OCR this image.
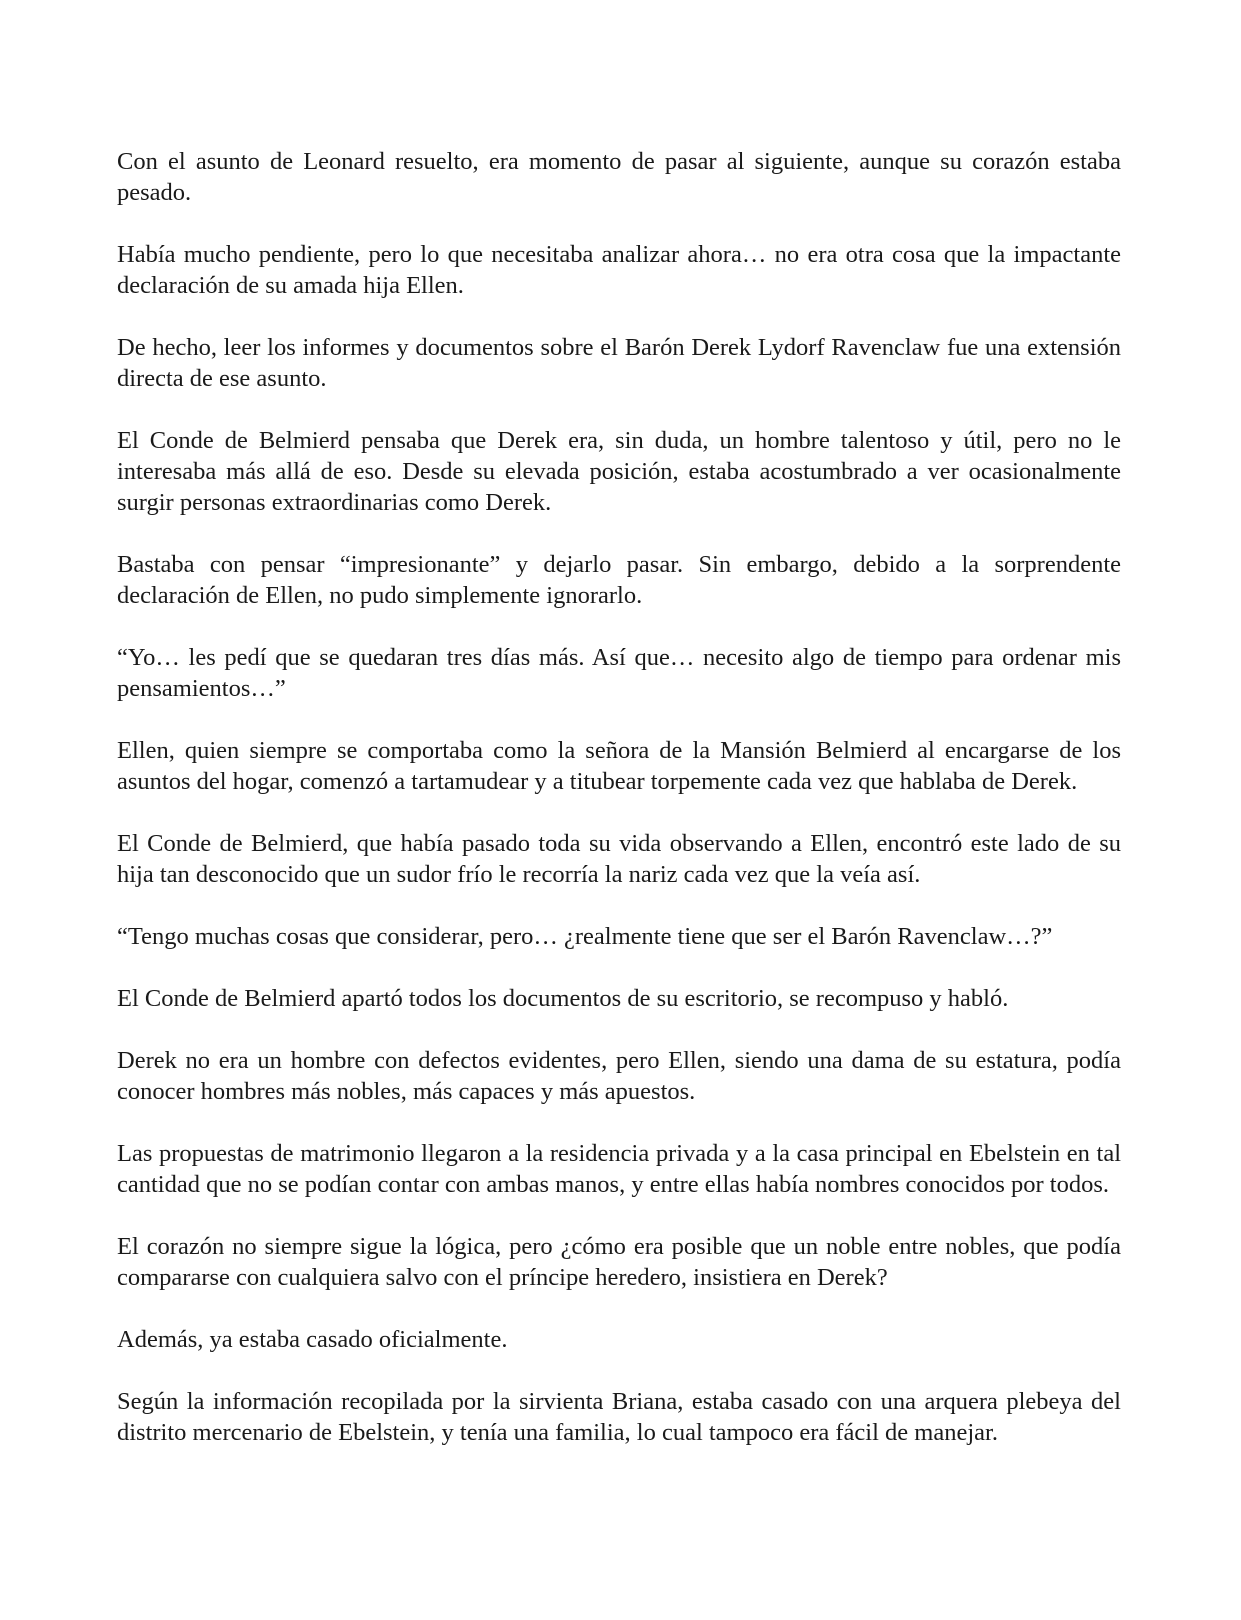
Con el asunto de Leonard resuelto, era momento de pasar al siguiente, aunque su corazón estaba pesado.

Había mucho pendiente, pero lo que necesitaba analizar ahora… no era otra cosa que la impactante declaración de su amada hija Ellen.

De hecho, leer los informes y documentos sobre el Barón Derek Lydorf Ravenclaw fue una extensión directa de ese asunto.

El Conde de Belmierd pensaba que Derek era, sin duda, un hombre talentoso y útil, pero no le interesaba más allá de eso. Desde su elevada posición, estaba acostumbrado a ver ocasionalmente surgir personas extraordinarias como Derek.

Bastaba con pensar “impresionante” y dejarlo pasar. Sin embargo, debido a la sorprendente declaración de Ellen, no pudo simplemente ignorarlo.

“Yo… les pedí que se quedaran tres días más. Así que… necesito algo de tiempo para ordenar mis pensamientos…”

Ellen, quien siempre se comportaba como la señora de la Mansión Belmierd al encargarse de los asuntos del hogar, comenzó a tartamudear y a titubear torpemente cada vez que hablaba de Derek.

El Conde de Belmierd, que había pasado toda su vida observando a Ellen, encontró este lado de su hija tan desconocido que un sudor frío le recorría la nariz cada vez que la veía así.

“Tengo muchas cosas que considerar, pero… ¿realmente tiene que ser el Barón Ravenclaw…?”

El Conde de Belmierd apartó todos los documentos de su escritorio, se recompuso y habló.

Derek no era un hombre con defectos evidentes, pero Ellen, siendo una dama de su estatura, podía conocer hombres más nobles, más capaces y más apuestos.

Las propuestas de matrimonio llegaron a la residencia privada y a la casa principal en Ebelstein en tal cantidad que no se podían contar con ambas manos, y entre ellas había nombres conocidos por todos.

El corazón no siempre sigue la lógica, pero ¿cómo era posible que un noble entre nobles, que podía compararse con cualquiera salvo con el príncipe heredero, insistiera en Derek?

Además, ya estaba casado oficialmente.

Según la información recopilada por la sirvienta Briana, estaba casado con una arquera plebeya del distrito mercenario de Ebelstein, y tenía una familia, lo cual tampoco era fácil de manejar.
